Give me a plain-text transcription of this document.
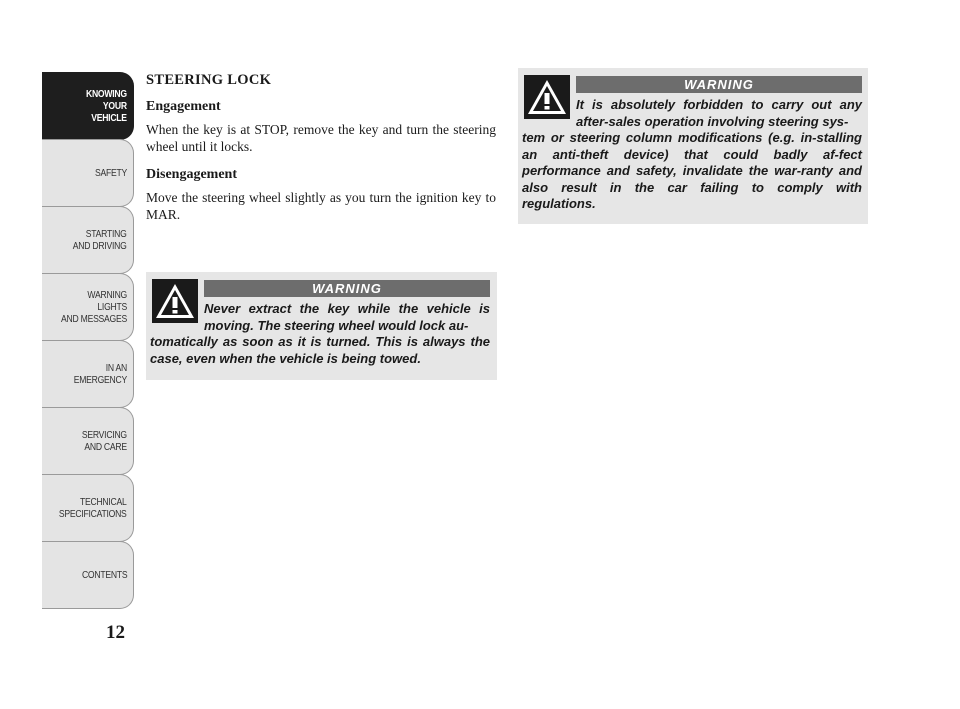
KNOWING
YOUR
VEHICLE
SAFETY
STARTING
AND DRIVING
WARNING LIGHTS
AND MESSAGES
IN AN
EMERGENCY
SERVICING
AND CARE
TECHNICAL
SPECIFICATIONS
CONTENTS
12
STEERING LOCK
Engagement

When the key is at STOP, remove the key and turn the steering wheel until it locks.

Disengagement

Move the steering wheel slightly as you turn the ignition key to MAR.

WARNING
Never extract the key while the vehicle is moving. The steering wheel would lock au-
tomatically as soon as it is turned. This is always the case, even when the vehicle is being towed.
WARNING
It is absolutely forbidden to carry out any after-sales operation involving steering sys-
tem or steering column modifications (e.g. in-stalling an anti-theft device) that could badly af-fect performance and safety, invalidate the war-ranty and also result in the car failing to comply with regulations.
